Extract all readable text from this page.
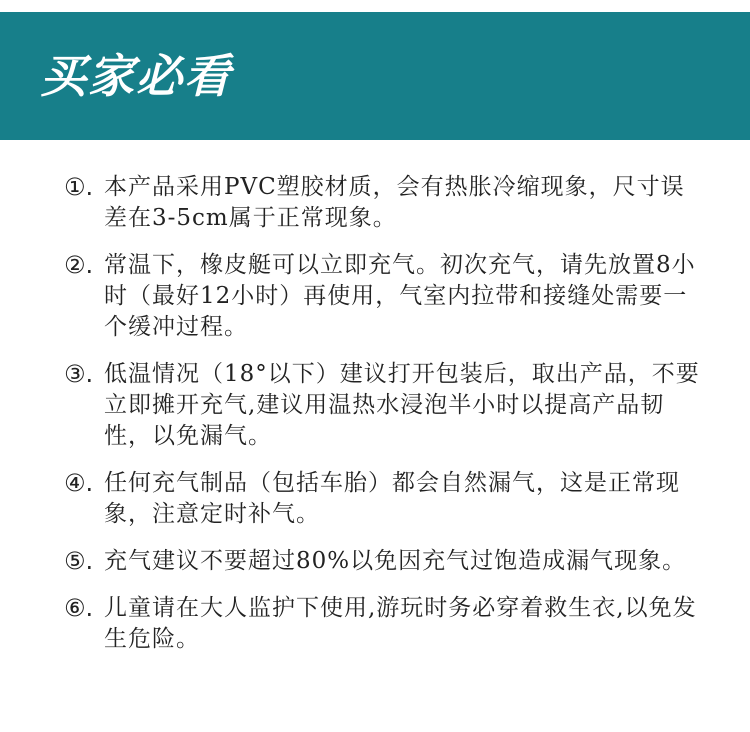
买家必看
①. 本产品采用PVC塑胶材质，会有热胀冷缩现象，尺寸误差在3-5cm属于正常现象。
②. 常温下，橡皮艇可以立即充气。初次充气，请先放置8小时（最好12小时）再使用，气室内拉带和接缝处需要一个缓冲过程。
③. 低温情况（18°以下）建议打开包装后，取出产品，不要立即摊开充气,建议用温热水浸泡半小时以提高产品韧性，以免漏气。
④. 任何充气制品（包括车胎）都会自然漏气，这是正常现象，注意定时补气。
⑤. 充气建议不要超过80%以免因充气过饱造成漏气现象。
⑥. 儿童请在大人监护下使用,游玩时务必穿着救生衣,以免发生危险。
